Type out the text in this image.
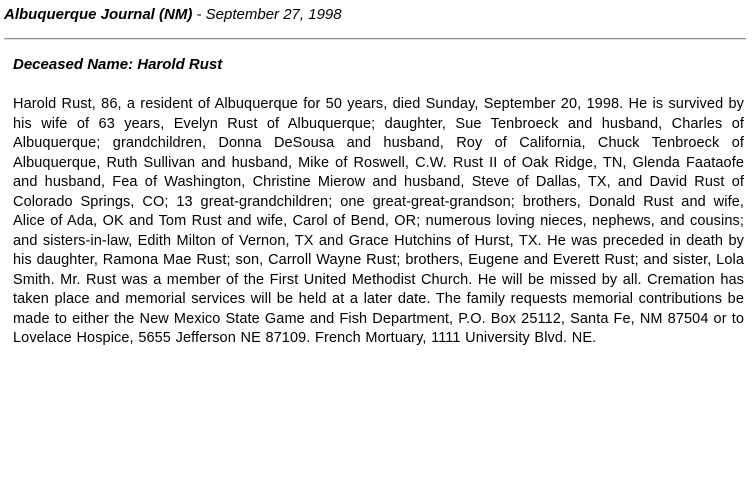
Albuquerque Journal (NM) - September 27, 1998
Deceased Name: Harold Rust
Harold Rust, 86, a resident of Albuquerque for 50 years, died Sunday, September 20, 1998. He is survived by his wife of 63 years, Evelyn Rust of Albuquerque; daughter, Sue Tenbroeck and husband, Charles of Albuquerque; grandchildren, Donna DeSousa and husband, Roy of California, Chuck Tenbroeck of Albuquerque, Ruth Sullivan and husband, Mike of Roswell, C.W. Rust II of Oak Ridge, TN, Glenda Faataofe and husband, Fea of Washington, Christine Mierow and husband, Steve of Dallas, TX, and David Rust of Colorado Springs, CO; 13 great-grandchildren; one great-great-grandson; brothers, Donald Rust and wife, Alice of Ada, OK and Tom Rust and wife, Carol of Bend, OR; numerous loving nieces, nephews, and cousins; and sisters-in-law, Edith Milton of Vernon, TX and Grace Hutchins of Hurst, TX. He was preceded in death by his daughter, Ramona Mae Rust; son, Carroll Wayne Rust; brothers, Eugene and Everett Rust; and sister, Lola Smith. Mr. Rust was a member of the First United Methodist Church. He will be missed by all. Cremation has taken place and memorial services will be held at a later date. The family requests memorial contributions be made to either the New Mexico State Game and Fish Department, P.O. Box 25112, Santa Fe, NM 87504 or to Lovelace Hospice, 5655 Jefferson NE 87109. French Mortuary, 1111 University Blvd. NE.
